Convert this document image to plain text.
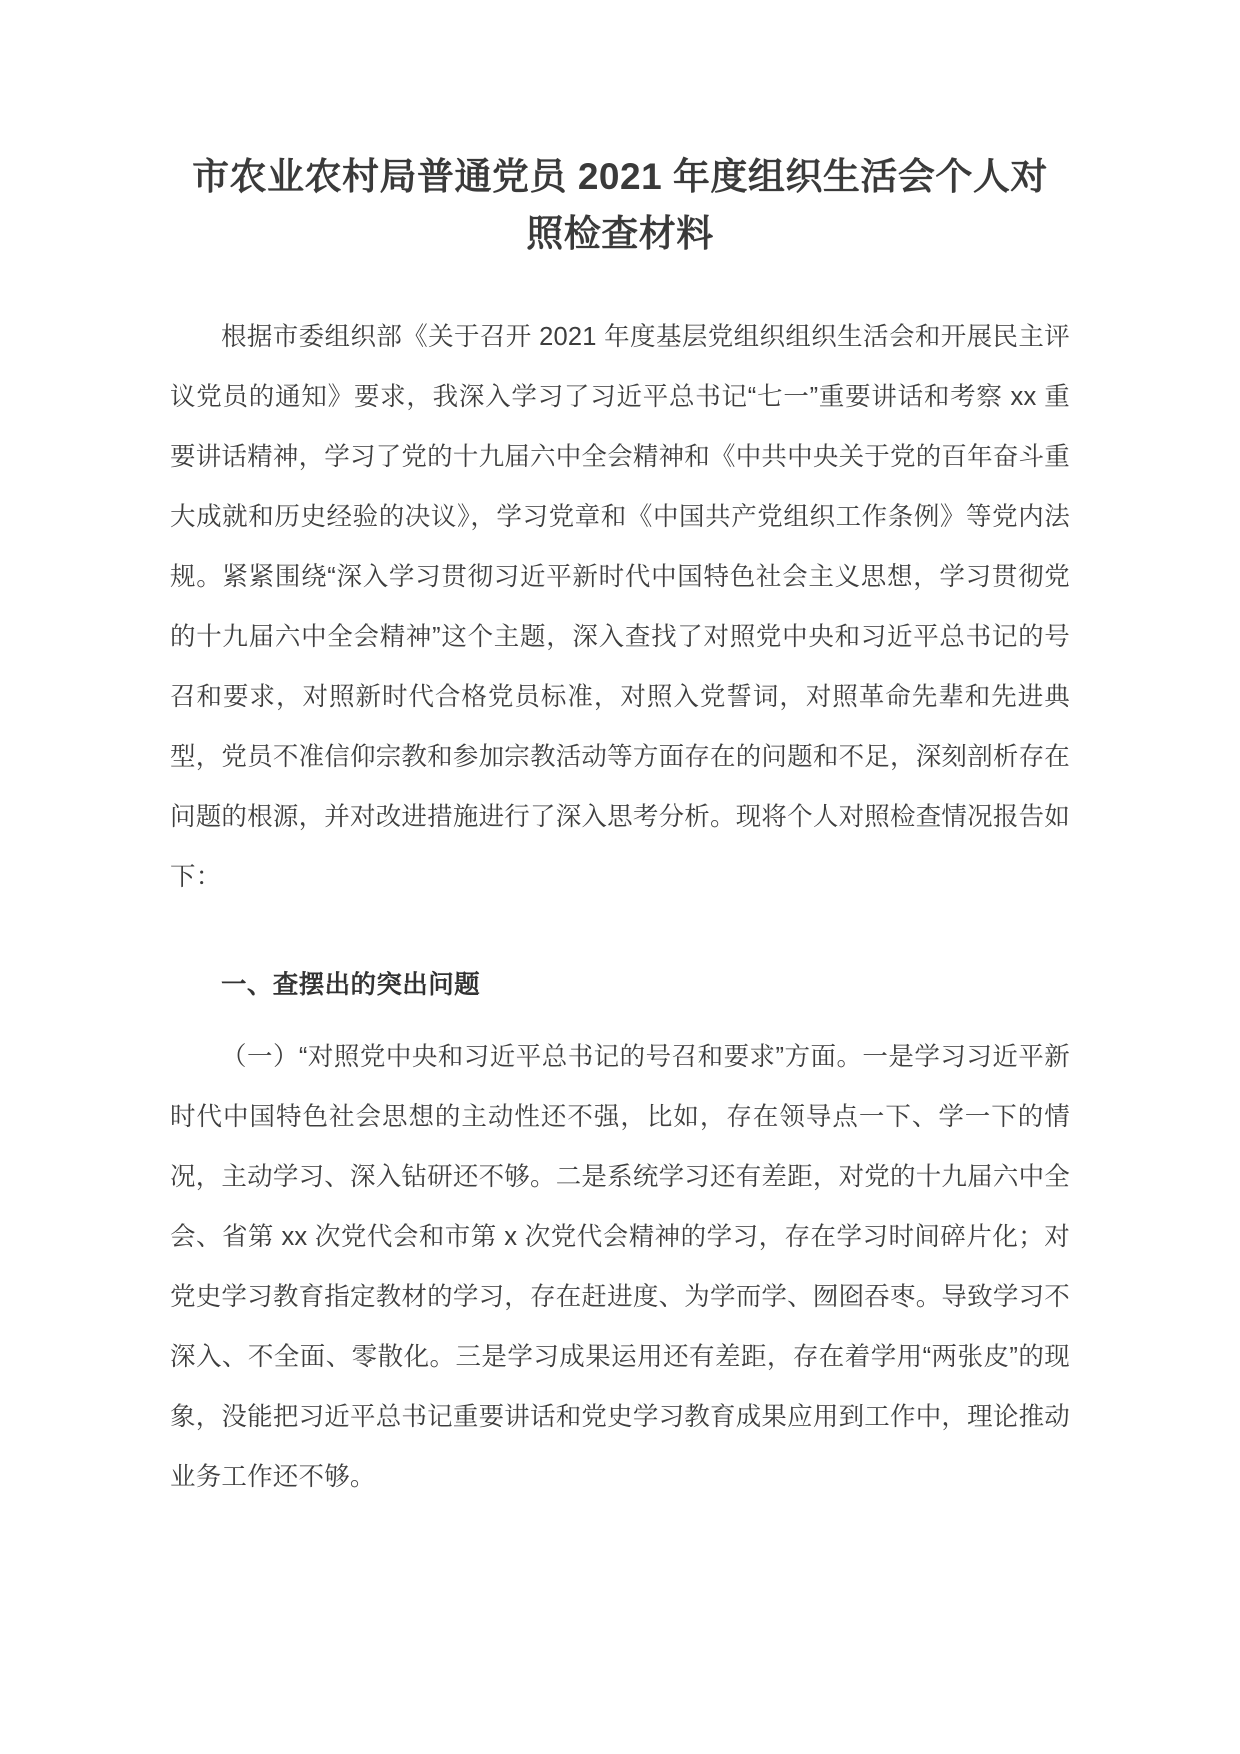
市农业农村局普通党员 2021 年度组织生活会个人对照检查材料

根据市委组织部《关于召开 2021 年度基层党组织组织生活会和开展民主评议党员的通知》要求，我深入学习了习近平总书记“七一”重要讲话和考察 xx 重要讲话精神，学习了党的十九届六中全会精神和《中共中央关于党的百年奋斗重大成就和历史经验的决议》，学习党章和《中国共产党组织工作条例》等党内法规。紧紧围绕“深入学习贯彻习近平新时代中国特色社会主义思想，学习贯彻党的十九届六中全会精神”这个主题，深入查找了对照党中央和习近平总书记的号召和要求，对照新时代合格党员标准，对照入党誓词，对照革命先辈和先进典型，党员不准信仰宗教和参加宗教活动等方面存在的问题和不足，深刻剖析存在问题的根源，并对改进措施进行了深入思考分析。现将个人对照检查情况报告如下：

一、查摆出的突出问题

（一）“对照党中央和习近平总书记的号召和要求”方面。一是学习习近平新时代中国特色社会思想的主动性还不强，比如，存在领导点一下、学一下的情况，主动学习、深入钻研还不够。二是系统学习还有差距，对党的十九届六中全会、省第 xx 次党代会和市第 x 次党代会精神的学习，存在学习时间碎片化；对党史学习教育指定教材的学习，存在赶进度、为学而学、囫囵吞枣。导致学习不深入、不全面、零散化。三是学习成果运用还有差距，存在着学用“两张皮”的现象，没能把习近平总书记重要讲话和党史学习教育成果应用到工作中，理论推动业务工作还不够。
